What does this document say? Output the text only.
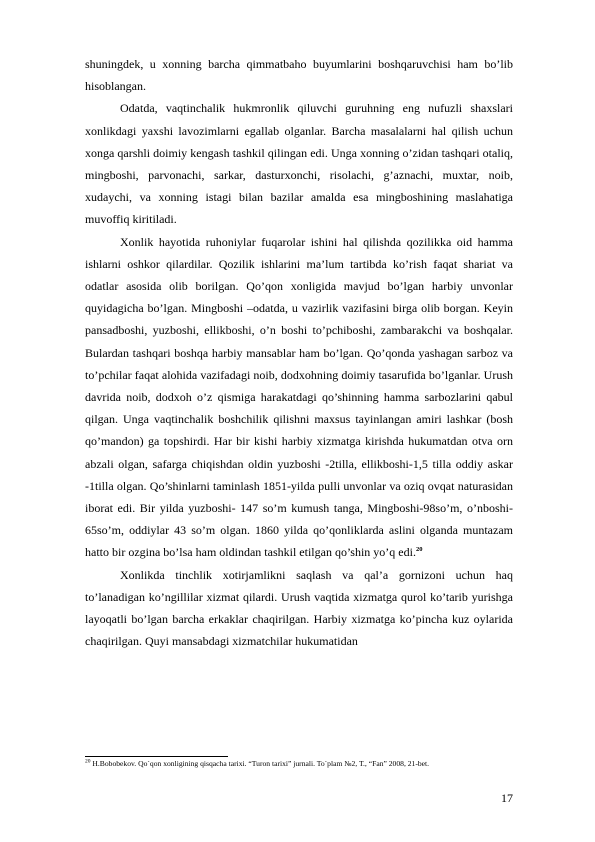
shuningdek, u xonning barcha qimmatbaho buyumlarini boshqaruvchisi ham bo’lib hisoblangan.

Odatda, vaqtinchalik hukmronlik qiluvchi guruhning eng nufuzli shaxslari xonlikdagi yaxshi lavozimlarni egallab olganlar. Barcha masalalarni hal qilish uchun xonga qarshli doimiy kengash tashkil qilingan edi. Unga xonning o’zidan tashqari otaliq, mingboshi, parvonachi, sarkar, dasturxonchi, risolachi, g’aznachi, muxtar, noib, xudaychi, va xonning istagi bilan bazilar amalda esa mingboshining maslahatiga muvoffiq kiritiladi.

Xonlik hayotida ruhoniylar fuqarolar ishini hal qilishda qozilikka oid hamma ishlarni oshkor qilardilar. Qozilik ishlarini ma’lum tartibda ko’rish faqat shariat va odatlar asosida olib borilgan. Qo’qon xonligida mavjud bo’lgan harbiy unvonlar quyidagicha bo’lgan. Mingboshi –odatda, u vazirlik vazifasini birga olib borgan. Keyin pansadboshi, yuzboshi, ellikboshi, o’n boshi to’pchiboshi, zambarakchi va boshqalar. Bulardan tashqari boshqa harbiy mansablar ham bo’lgan. Qo’qonda yashagan sarboz va to’pchilar faqat alohida vazifadagi noib, dodxohning doimiy tasarufida bo’lganlar. Urush davrida noib, dodxoh o’z qismiga harakatdagi qo’shinning hamma sarbozlarini qabul qilgan. Unga vaqtinchalik boshchilik qilishni maxsus tayinlangan amiri lashkar (bosh qo’mandon) ga topshirdi. Har bir kishi harbiy xizmatga kirishda hukumatdan otva orn abzali olgan, safarga chiqishdan oldin yuzboshi -2tilla, ellikboshi-1,5 tilla oddiy askar -1tilla olgan. Qo’shinlarni taminlash 1851-yilda pulli unvonlar va oziq ovqat naturasidan iborat edi. Bir yilda yuzboshi- 147 so’m kumush tanga, Mingboshi-98so’m, o’nboshi-65so’m, oddiylar 43 so’m olgan. 1860 yilda qo’qonliklarda aslini olganda muntazam hatto bir ozgina bo’lsa ham oldindan tashkil etilgan qo’shin yo’q edi.$^{20}$

Xonlikda tinchlik xotirjamlikni saqlash va qal’a gornizoni uchun haq to’lanadigan ko’ngillilar xizmat qilardi. Urush vaqtida xizmatga qurol ko’tarib yurishga layoqatli bo’lgan barcha erkaklar chaqirilgan. Harbiy xizmatga ko’pincha kuz oylarida chaqirilgan. Quyi mansabdagi xizmatchilar hukumatidan

$^{20}$ H.Bobobekov. Qo`qon xonligining qisqacha tarixi. “Turon tarixi” jurnali. To`plam №2, T., “Fan” 2008, 21-bet.
17
